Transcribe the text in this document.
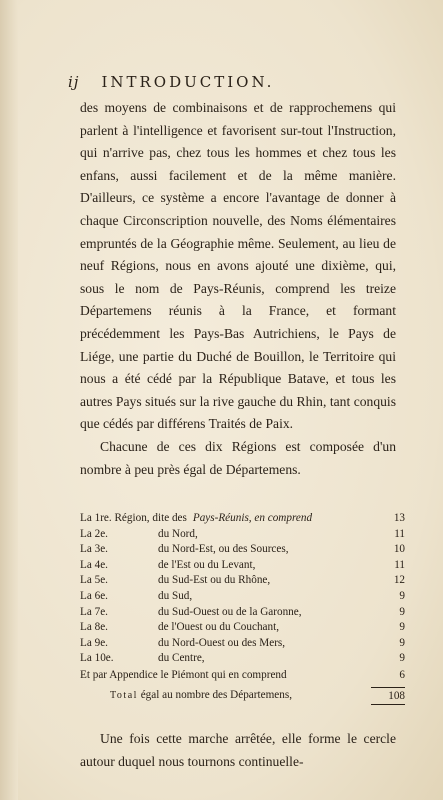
ij INTRODUCTION.

des moyens de combinaisons et de rapprochemens qui parlent à l'intelligence et favorisent sur-tout l'Instruction, qui n'arrive pas, chez tous les hommes et chez tous les enfans, aussi facilement et de la même manière. D'ailleurs, ce système a encore l'avantage de donner à chaque Circonscription nouvelle, des Noms élémentaires empruntés de la Géographie même. Seulement, au lieu de neuf Régions, nous en avons ajouté une dixième, qui, sous le nom de Pays-Réunis, comprend les treize Départemens réunis à la France, et formant précédemment les Pays-Bas Autrichiens, le Pays de Liége, une partie du Duché de Bouillon, le Territoire qui nous a été cédé par la République Batave, et tous les autres Pays situés sur la rive gauche du Rhin, tant conquis que cédés par différens Traités de Paix.

Chacune de ces dix Régions est composée d'un nombre à peu près égal de Départemens.

La 1re. Région, dite des Pays-Réunis, en comprend	13
La 2e.	du Nord,	11
La 3e.	du Nord-Est, ou des Sources,	10
La 4e.	de l'Est ou du Levant,	11
La 5e.	du Sud-Est ou du Rhône,	12
La 6e.	du Sud,	9
La 7e.	du Sud-Ouest ou de la Garonne,	9
La 8e.	de l'Ouest ou du Couchant,	9
La 9e.	du Nord-Ouest ou des Mers,	9
La 10e.	du Centre,	9
Et par Appendice le Piémont qui en comprend	6
Total égal au nombre des Départemens,	108
Une fois cette marche arrêtée, elle forme le cercle autour duquel nous tournons continuelle-
